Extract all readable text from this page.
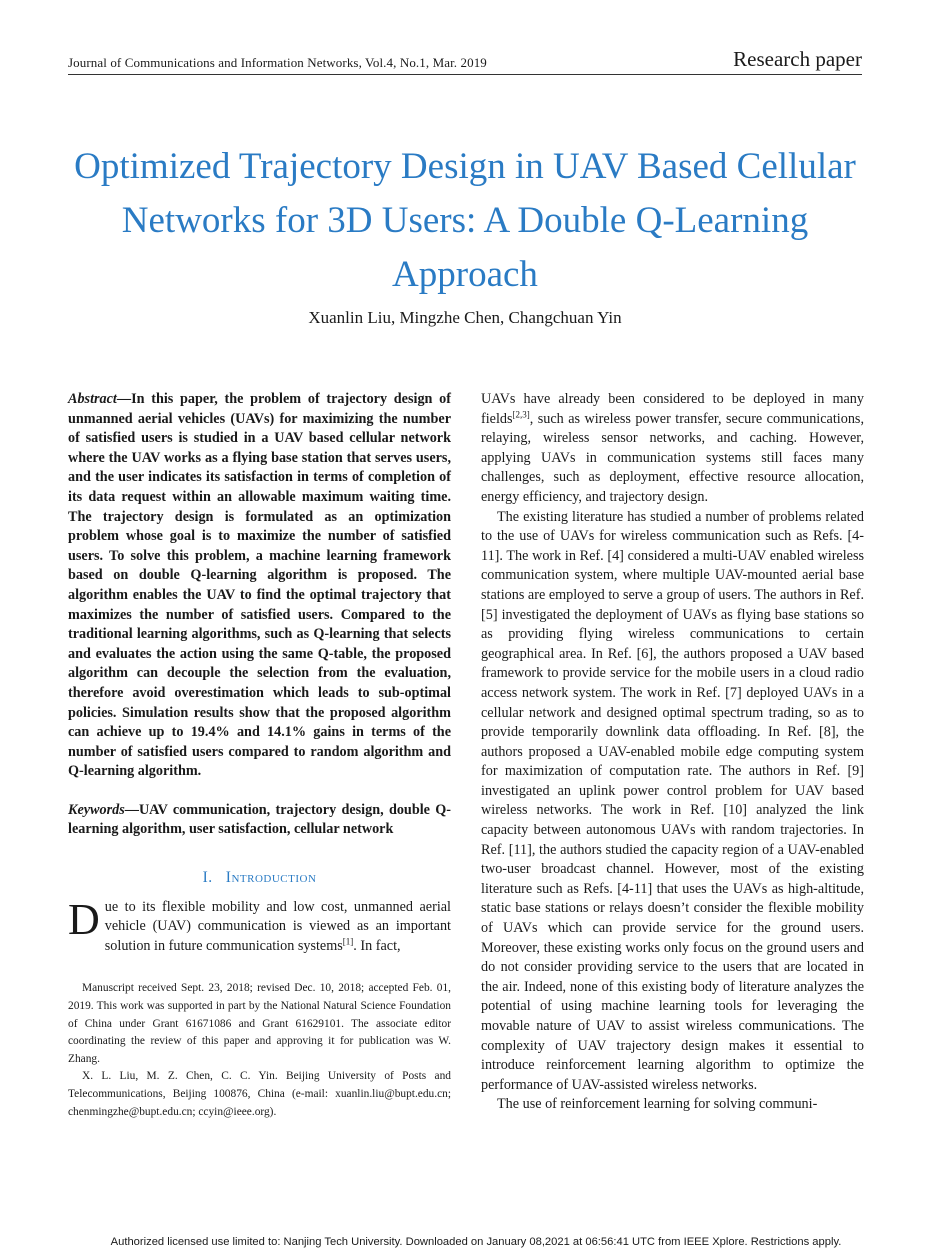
Journal of Communications and Information Networks, Vol.4, No.1, Mar. 2019	Research paper
Optimized Trajectory Design in UAV Based Cellular Networks for 3D Users: A Double Q-Learning Approach
Xuanlin Liu, Mingzhe Chen, Changchuan Yin

Abstract—In this paper, the problem of trajectory design of unmanned aerial vehicles (UAVs) for maximizing the number of satisfied users is studied in a UAV based cellular network where the UAV works as a flying base station that serves users, and the user indicates its satisfaction in terms of completion of its data request within an allowable maximum waiting time. The trajectory design is formulated as an optimization problem whose goal is to maximize the number of satisfied users. To solve this problem, a machine learning framework based on double Q-learning algorithm is proposed. The algorithm enables the UAV to find the optimal trajectory that maximizes the number of satisfied users. Compared to the traditional learning algorithms, such as Q-learning that selects and evaluates the action using the same Q-table, the proposed algorithm can decouple the selection from the evaluation, therefore avoid overestimation which leads to sub-optimal policies. Simulation results show that the proposed algorithm can achieve up to 19.4% and 14.1% gains in terms of the number of satisfied users compared to random algorithm and Q-learning algorithm.

Keywords—UAV communication, trajectory design, double Q-learning algorithm, user satisfaction, cellular network

I. Introduction

Due to its flexible mobility and low cost, unmanned aerial vehicle (UAV) communication is viewed as an important solution in future communication systems[1]. In fact,

Manuscript received Sept. 23, 2018; revised Dec. 10, 2018; accepted Feb. 01, 2019. This work was supported in part by the National Natural Science Foundation of China under Grant 61671086 and Grant 61629101. The associate editor coordinating the review of this paper and approving it for publication was W. Zhang.

X. L. Liu, M. Z. Chen, C. C. Yin. Beijing University of Posts and Telecommunications, Beijing 100876, China (e-mail: xuanlin.liu@bupt.edu.cn; chenmingzhe@bupt.edu.cn; ccyin@ieee.org).

UAVs have already been considered to be deployed in many fields[2,3], such as wireless power transfer, secure communications, relaying, wireless sensor networks, and caching. However, applying UAVs in communication systems still faces many challenges, such as deployment, effective resource allocation, energy efficiency, and trajectory design.

The existing literature has studied a number of problems related to the use of UAVs for wireless communication such as Refs. [4-11]. The work in Ref. [4] considered a multi-UAV enabled wireless communication system, where multiple UAV-mounted aerial base stations are employed to serve a group of users. The authors in Ref. [5] investigated the deployment of UAVs as flying base stations so as providing flying wireless communications to certain geographical area. In Ref. [6], the authors proposed a UAV based framework to provide service for the mobile users in a cloud radio access network system. The work in Ref. [7] deployed UAVs in a cellular network and designed optimal spectrum trading, so as to provide temporarily downlink data offloading. In Ref. [8], the authors proposed a UAV-enabled mobile edge computing system for maximization of computation rate. The authors in Ref. [9] investigated an uplink power control problem for UAV based wireless networks. The work in Ref. [10] analyzed the link capacity between autonomous UAVs with random trajectories. In Ref. [11], the authors studied the capacity region of a UAV-enabled two-user broadcast channel. However, most of the existing literature such as Refs. [4-11] that uses the UAVs as high-altitude, static base stations or relays doesn’t consider the flexible mobility of UAVs which can provide service for the ground users. Moreover, these existing works only focus on the ground users and do not consider providing service to the users that are located in the air. Indeed, none of this existing body of literature analyzes the potential of using machine learning tools for leveraging the movable nature of UAV to assist wireless communications. The complexity of UAV trajectory design makes it essential to introduce reinforcement learning algorithm to optimize the performance of UAV-assisted wireless networks.

The use of reinforcement learning for solving communi-

Authorized licensed use limited to: Nanjing Tech University. Downloaded on January 08,2021 at 06:56:41 UTC from IEEE Xplore. Restrictions apply.
